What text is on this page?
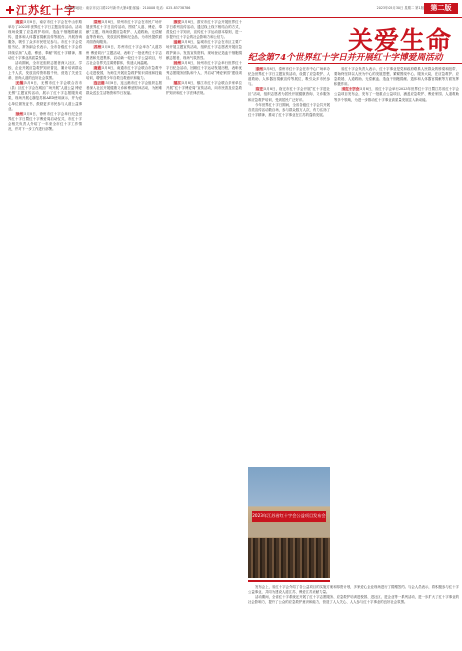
江苏红十字
编辑部地址：南京市汉口路22号新华大厦4楼 邮编：210008 电话：025-83738786	2023年05月30日 星期二 第1版 第二版
关爱生命
纪念第74个世界红十字日并开展红十字博爱周活动

南京5月8日，南京市红十字会在中山东路举办了2023年世界红十字日主题宣传活动。活动现场设置了应急救护培训、造血干细胞捐献宣传、遗体和人体器官捐献宣传等展台，开展咨询服务，吸引了众多市民驻足参与。市红十字会党组书记、常务副会长表示，全市各级红十字会将持续弘扬“人道、博爱、奉献”的红十字精神，推动红十字事业高质量发展。

活动期间，全市还组织志愿者深入社区、学校、企业开展应急救护知识普及，累计培训群众上千人次，发放宣传资料数千份，营造了关爱生命、崇尚人道的良好社会氛围。

无锡5月8日，无锡市红十字会联合各市（县）区红十字会在城区广场开展“人道公益 博爱无锡”主题宣传活动，展示了红十字志愿服务成果，现场开展心肺复苏和AED使用演示，并为爱心单位颁发证书，鼓励更多市民参与人道公益事业。

徐州5月8日，徐州市红十字会举行纪念世界红十字日暨红十字博爱周启动仪式，市红十字会相关负责人介绍了一年来全市红十字工作情况，并对下一步工作进行部署。

常州5月8日，常州市红十字会在市民广场开展世界红十字日宣传活动，围绕“人道、博爱、奉献”主题，现场设置应急救护、人道救助、无偿献血等咨询台，发放宣传册和纪念品，为市民提供面对面咨询服务。

苏州5月8日，苏州市红十字会举办“人道苏州 博爱同行”主题活动，表彰了一批优秀红十字志愿者和先进集体，启动新一轮红十字公益项目，号召社会各界关注弱势群体，传递人间温暖。

南通5月8日，南通市红十字会联合市急救中心走进校园，为师生开展应急救护知识讲座和技能培训，增强青少年自救互救意识和能力。

连云港5月8日，连云港市红十字会组织志愿者深入社区开展健康义诊和博爱慰问活动，为困难群众送去生活物资和节日祝福。

淮安5月8日，淮安市红十字会开展世界红十字日系列宣传活动，通过线上线下相结合的方式，普及红十字知识，宣传红十字运动基本原则，进一步提升红十字会的社会影响力和公信力。

盐城5月8日，盐城市红十字会在市区主要广场开展主题宣传活动，组织红十字志愿者开展应急救护演示、发放宣传资料、现场登记造血干细胞捐献志愿者，现场气氛热烈。

扬州5月8日，扬州市红十字会举行世界红十字日纪念活动，回顾红十字运动发展历程，表彰优秀志愿服务团队和个人，并启动“博爱家园”建设项目。

镇江5月8日，镇江市红十字会联合多家单位开展“红十字博爱周”宣传活动，向市民普及应急救护知识和红十字法律法规。

泰州5月8日，泰州市红十字会在市中心广场举办纪念世界红十字日主题宣传活动，设置了应急救护、人道救助、人体器官捐献宣传等展位，吸引众多市民参与。

宿迁5月8日，宿迁市红十字会开展“红十字进社区”活动，组织志愿者为居民开展健康咨询、义诊服务和应急救护培训，受到居民广泛好评。

今年世界红十字日期间，全省各级红十字会共开展各类宣传活动数百场，参与群众数万人次，有力弘扬了红十字精神，推动了红十字事业在江苏的蓬勃发展。

省红十字会负责人表示，红十字事业是党和政府联系人民群众的桥梁和纽带，要始终坚持以人民为中心的发展思想，紧紧围绕中心、服务大局，在应急救护、应急救援、人道救助、无偿献血、造血干细胞捐献、遗体和人体器官捐献等方面发挥积极作用。

省红十字会5月8日，省红十字会举行2023年世界红十字日暨江苏省红十字会公益项目发布会，发布了一批重点公益项目，涵盖应急救护、博爱家园、人道救助等多个领域，为进一步推动红十字事业高质量发展注入新动能。

发布会上，省红十字会介绍了各公益项目的实施方案和募资计划，多家爱心企业现场进行了捐赠签约。与会人员表示，将积极参与红十字公益事业，共同为建设人道江苏、博爱江苏贡献力量。

活动期间，全省红十字系统还开展了红十字志愿服务、应急救护培训进校园、进社区、进企业等一系列活动，进一步扩大了红十字事业的社会影响力，提升了公众的应急救护意识和能力，营造了人人关心、人人参与红十字事业的良好社会氛围。

2023年江苏省红十字会公益项目发布会
